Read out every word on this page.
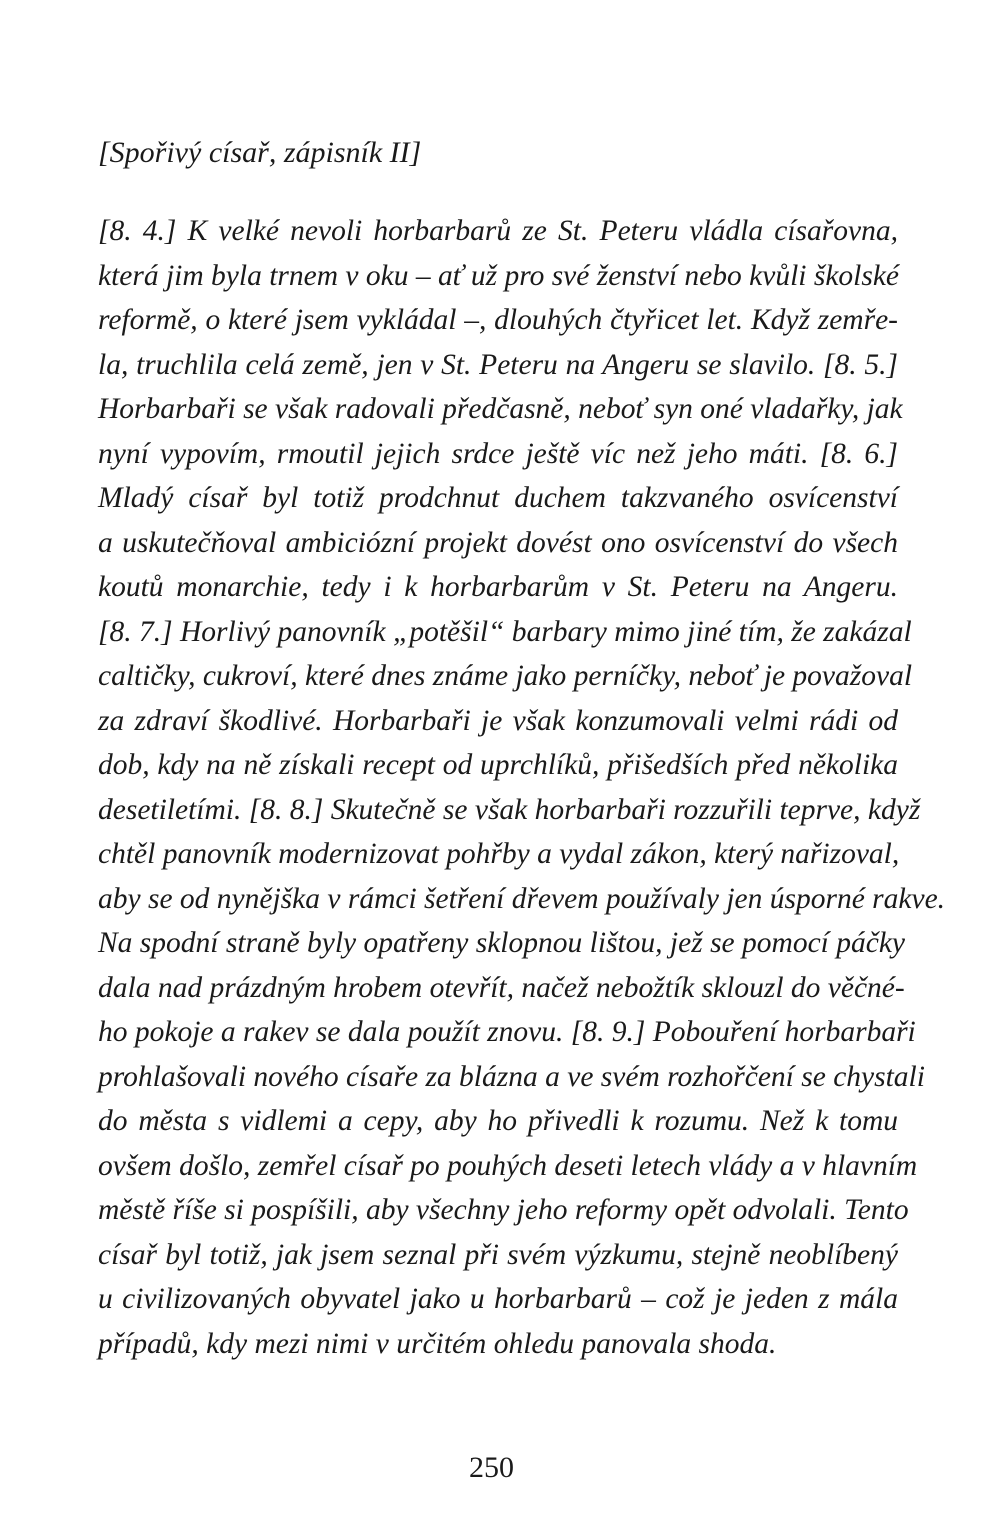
[Spořivý císař, zápisník II]
[8. 4.] K velké nevoli horbarbarů ze St. Peteru vládla císařovna,
která jim byla trnem v oku – ať už pro své ženství nebo kvůli školské
reformě, o které jsem vykládal –, dlouhých čtyřicet let. Když zemře-
la, truchlila celá země, jen v St. Peteru na Angeru se slavilo. [8. 5.]
Horbarbaři se však radovali předčasně, neboť syn oné vladařky, jak
nyní vypovím, rmoutil jejich srdce ještě víc než jeho máti. [8. 6.]
Mladý císař byl totiž prodchnut duchem takzvaného osvícenství
a uskutečňoval ambiciózní projekt dovést ono osvícenství do všech
koutů monarchie, tedy i k horbarbarům v St. Peteru na Angeru.
[8. 7.] Horlivý panovník „potěšil“ barbary mimo jiné tím, že zakázal
caltičky, cukroví, které dnes známe jako perníčky, neboť je považoval
za zdraví škodlivé. Horbarbaři je však konzumovali velmi rádi od
dob, kdy na ně získali recept od uprchlíků, přišedších před několika
desetiletími. [8. 8.] Skutečně se však horbarbaři rozzuřili teprve, když
chtěl panovník modernizovat pohřby a vydal zákon, který nařizoval,
aby se od nynějška v rámci šetření dřevem používaly jen úsporné rakve.
Na spodní straně byly opatřeny sklopnou lištou, jež se pomocí páčky
dala nad prázdným hrobem otevřít, načež nebožtík sklouzl do věčné-
ho pokoje a rakev se dala použít znovu. [8. 9.] Pobouření horbarbaři
prohlašovali nového císaře za blázna a ve svém rozhořčení se chystali
do města s vidlemi a cepy, aby ho přivedli k rozumu. Než k tomu
ovšem došlo, zemřel císař po pouhých deseti letech vlády a v hlavním
městě říše si pospíšili, aby všechny jeho reformy opět odvolali. Tento
císař byl totiž, jak jsem seznal při svém výzkumu, stejně neoblíbený
u civilizovaných obyvatel jako u horbarbarů – což je jeden z mála
případů, kdy mezi nimi v určitém ohledu panovala shoda.
250
